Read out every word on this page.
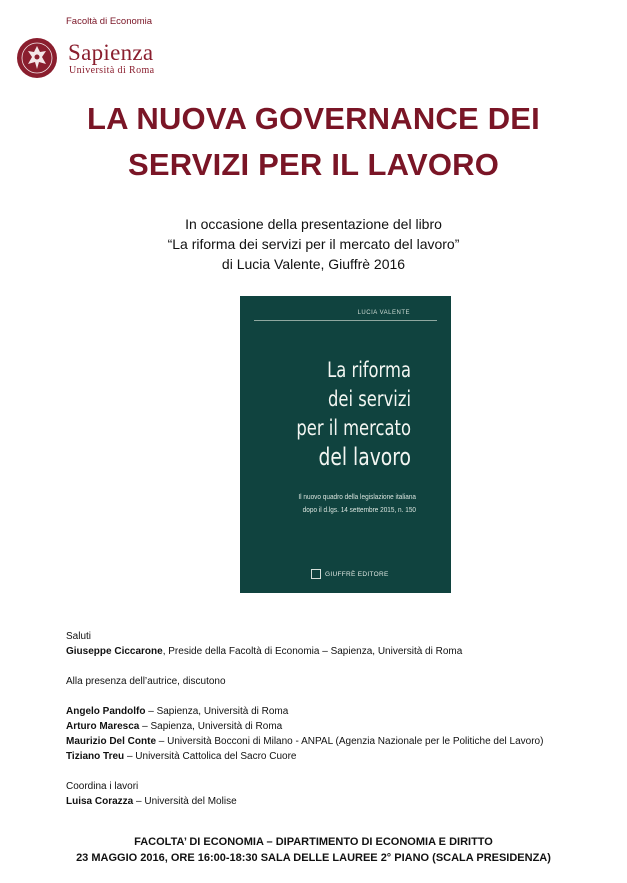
Facoltà di Economia
Sapienza
Università di Roma
LA NUOVA GOVERNANCE DEI
SERVIZI PER IL LAVORO
In occasione della presentazione del libro
“La riforma dei servizi per il mercato del lavoro”
di Lucia Valente, Giuffrè 2016
LUCIA VALENTE
La riforma
dei servizi
per il mercato
del lavoro
Il nuovo quadro della legislazione italiana
dopo il d.lgs. 14 settembre 2015, n. 150
GIUFFRÈ EDITORE
Saluti
Giuseppe Ciccarone, Preside della Facoltà di Economia – Sapienza, Università di Roma
Alla presenza dell’autrice, discutono
Angelo Pandolfo – Sapienza, Università di Roma
Arturo Maresca – Sapienza, Università di Roma
Maurizio Del Conte – Università Bocconi di Milano - ANPAL (Agenzia Nazionale per le Politiche del Lavoro)
Tiziano Treu – Università Cattolica del Sacro Cuore
Coordina i lavori
Luisa Corazza – Università del Molise
FACOLTA’ DI ECONOMIA – DIPARTIMENTO DI ECONOMIA E DIRITTO
23 MAGGIO 2016, ORE 16:00-18:30 SALA DELLE LAUREE 2° PIANO (SCALA PRESIDENZA)
